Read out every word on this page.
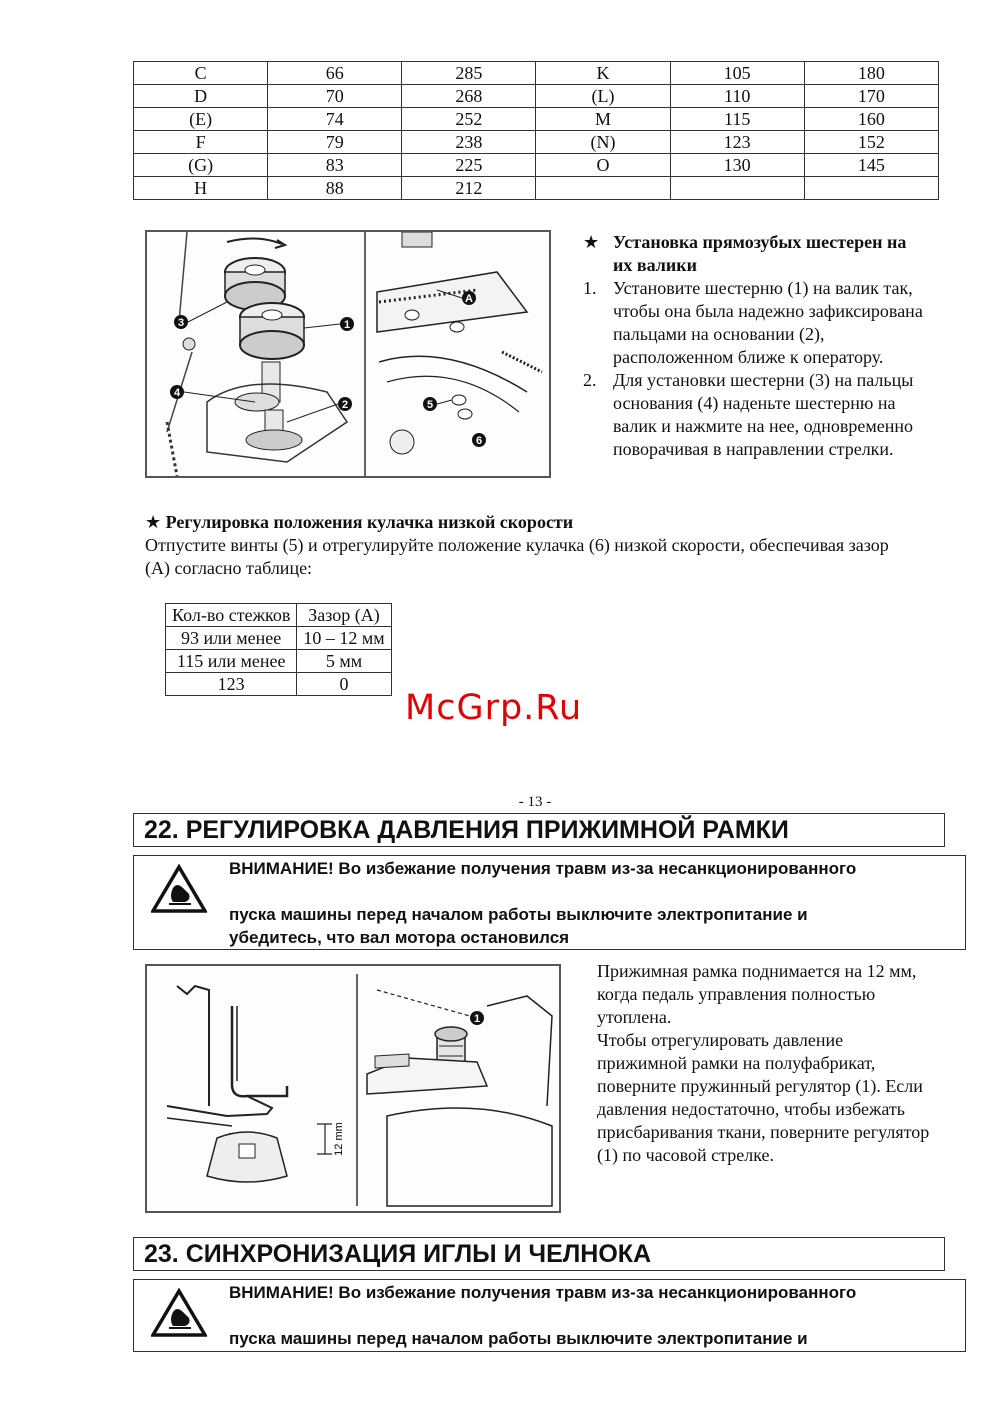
C	66	285	K	105	180
D	70	268	(L)	110	170
(E)	74	252	M	115	160
F	79	238	(N)	123	152
(G)	83	225	O	130	145
H	88	212			
3	1
4
2
A
5
6
★ Установка прямозубых шестерен на их валики
1. Установите шестерню (1) на валик так, чтобы она была надежно зафиксирована пальцами на основании (2), расположенном ближе к оператору.
2. Для установки шестерни (3) на пальцы основания (4) наденьте шестерню на валик и нажмите на нее, одновременно поворачивая в направлении стрелки.
★ Регулировка положения кулачка низкой скорости
Отпустите винты (5) и отрегулируйте положение кулачка (6) низкой скорости, обеспечивая зазор (A) согласно таблице:
Кол-во стежков	Зазор (A)
93 или менее	10 – 12 мм
115 или менее	5 мм
123	0
McGrp.Ru
- 13 -
22. РЕГУЛИРОВКА ДАВЛЕНИЯ ПРИЖИМНОЙ РАМКИ
ВНИМАНИЕ! Во избежание получения травм из-за несанкционированного
пуска машины перед началом работы выключите электропитание и
убедитесь, что вал мотора остановился
12 mm
1
Прижимная рамка поднимается на 12 мм, когда педаль управления полностью утоплена.
Чтобы отрегулировать давление прижимной рамки на полуфабрикат, поверните пружинный регулятор (1). Если давления недостаточно, чтобы избежать присбаривания ткани, поверните регулятор (1) по часовой стрелке.
23. СИНХРОНИЗАЦИЯ ИГЛЫ И ЧЕЛНОКА
ВНИМАНИЕ! Во избежание получения травм из-за несанкционированного
пуска машины перед началом работы выключите электропитание и
